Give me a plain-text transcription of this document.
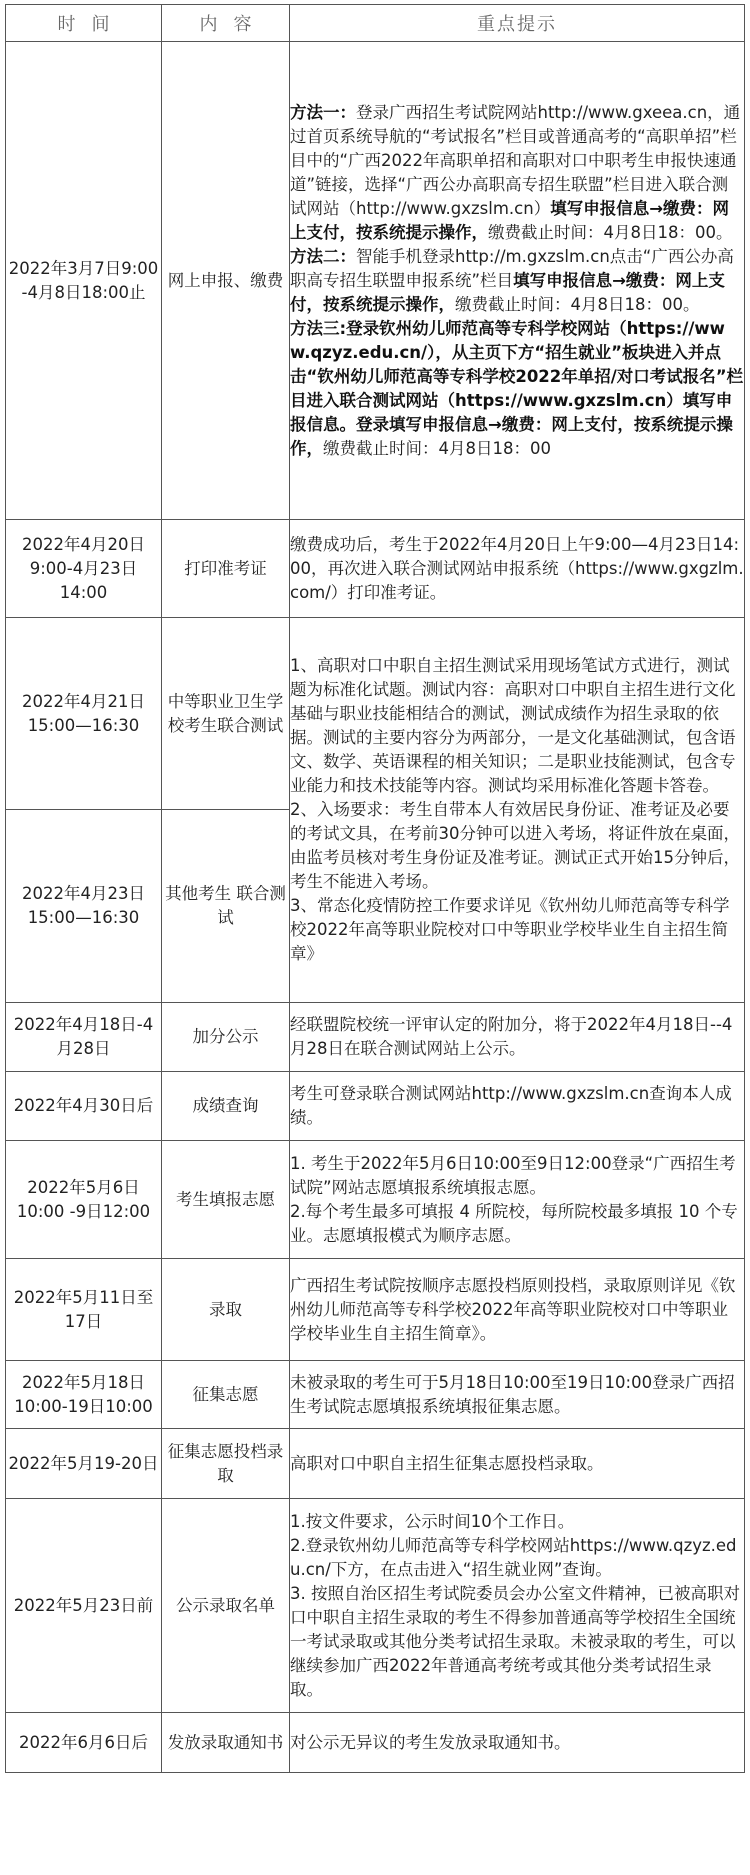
时间	内容	重点提示
2022年3月7日9:00 -4月8日18:00止	网上申报、缴费	方法一：登录广西招生考试院网站http://www.gxeea.cn，通过首页系统导航的“考试报名”栏目或普通高考的“高职单招”栏目中的“广西2022年高职单招和高职对口中职考生申报快速通道”链接，选择“广西公办高职高专招生联盟”栏目进入联合测试网站（http://www.gxzslm.cn）填写申报信息→缴费：网上支付，按系统提示操作，缴费截止时间：4月8日18：00。
方法二：智能手机登录http://m.gxzslm.cn点击“广西公办高职高专招生联盟申报系统”栏目填写申报信息→缴费：网上支付，按系统提示操作，缴费截止时间：4月8日18：00。
方法三:登录钦州幼儿师范高等专科学校网站（https://www.qzyz.edu.cn/），从主页下方“招生就业”板块进入并点击“钦州幼儿师范高等专科学校2022年单招/对口考试报名”栏目进入联合测试网站（https://www.gxzslm.cn）填写申报信息。登录填写申报信息→缴费：网上支付，按系统提示操作，缴费截止时间：4月8日18：00

2022年4月20日 9:00-4月23日 14:00	打印准考证	缴费成功后，考生于2022年4月20日上午9:00—4月23日14:00，再次进入联合测试网站申报系统（https://www.gxgzlm.com/）打印准考证。
2022年4月21日 15:00—16:30	中等职业卫生学校考生联合测试	1、高职对口中职自主招生测试采用现场笔试方式进行，测试题为标准化试题。测试内容：高职对口中职自主招生进行文化基础与职业技能相结合的测试，测试成绩作为招生录取的依据。测试的主要内容分为两部分，一是文化基础测试，包含语文、数学、英语课程的相关知识；二是职业技能测试，包含专业能力和技术技能等内容。测试均采用标准化答题卡答卷。
2、入场要求：考生自带本人有效居民身份证、准考证及必要的考试文具，在考前30分钟可以进入考场，将证件放在桌面，由监考员核对考生身份证及准考证。测试正式开始15分钟后，考生不能进入考场。
3、常态化疫情防控工作要求详见《钦州幼儿师范高等专科学校2022年高等职业院校对口中等职业学校毕业生自主招生简章》

2022年4月23日 15:00—16:30	其他考生 联合测试	
2022年4月18日-4月28日	加分公示	经联盟院校统一评审认定的附加分，将于2022年4月18日--4月28日在联合测试网站上公示。
2022年4月30日后	成绩查询	考生可登录联合测试网站http://www.gxzslm.cn查询本人成绩。
2022年5月6日 10:00 -9日12:00	考生填报志愿	1. 考生于2022年5月6日10:00至9日12:00登录“广西招生考试院”网站志愿填报系统填报志愿。
2.每个考生最多可填报 4 所院校，每所院校最多填报 10 个专业。志愿填报模式为顺序志愿。

2022年5月11日至17日	录取	广西招生考试院按顺序志愿投档原则投档，录取原则详见《钦州幼儿师范高等专科学校2022年高等职业院校对口中等职业学校毕业生自主招生简章》。
2022年5月18日 10:00-19日10:00	征集志愿	未被录取的考生可于5月18日10:00至19日10:00登录广西招生考试院志愿填报系统填报征集志愿。
2022年5月19-20日	征集志愿投档录取	高职对口中职自主招生征集志愿投档录取。
2022年5月23日前	公示录取名单	1.按文件要求，公示时间10个工作日。
2.登录钦州幼儿师范高等专科学校网站https://www.qzyz.edu.cn/下方，在点击进入“招生就业网”查询。
3. 按照自治区招生考试院委员会办公室文件精神，已被高职对口中职自主招生录取的考生不得参加普通高等学校招生全国统一考试录取或其他分类考试招生录取。未被录取的考生，可以继续参加广西2022年普通高考统考或其他分类考试招生录取。

2022年6月6日后	发放录取通知书	对公示无异议的考生发放录取通知书。
